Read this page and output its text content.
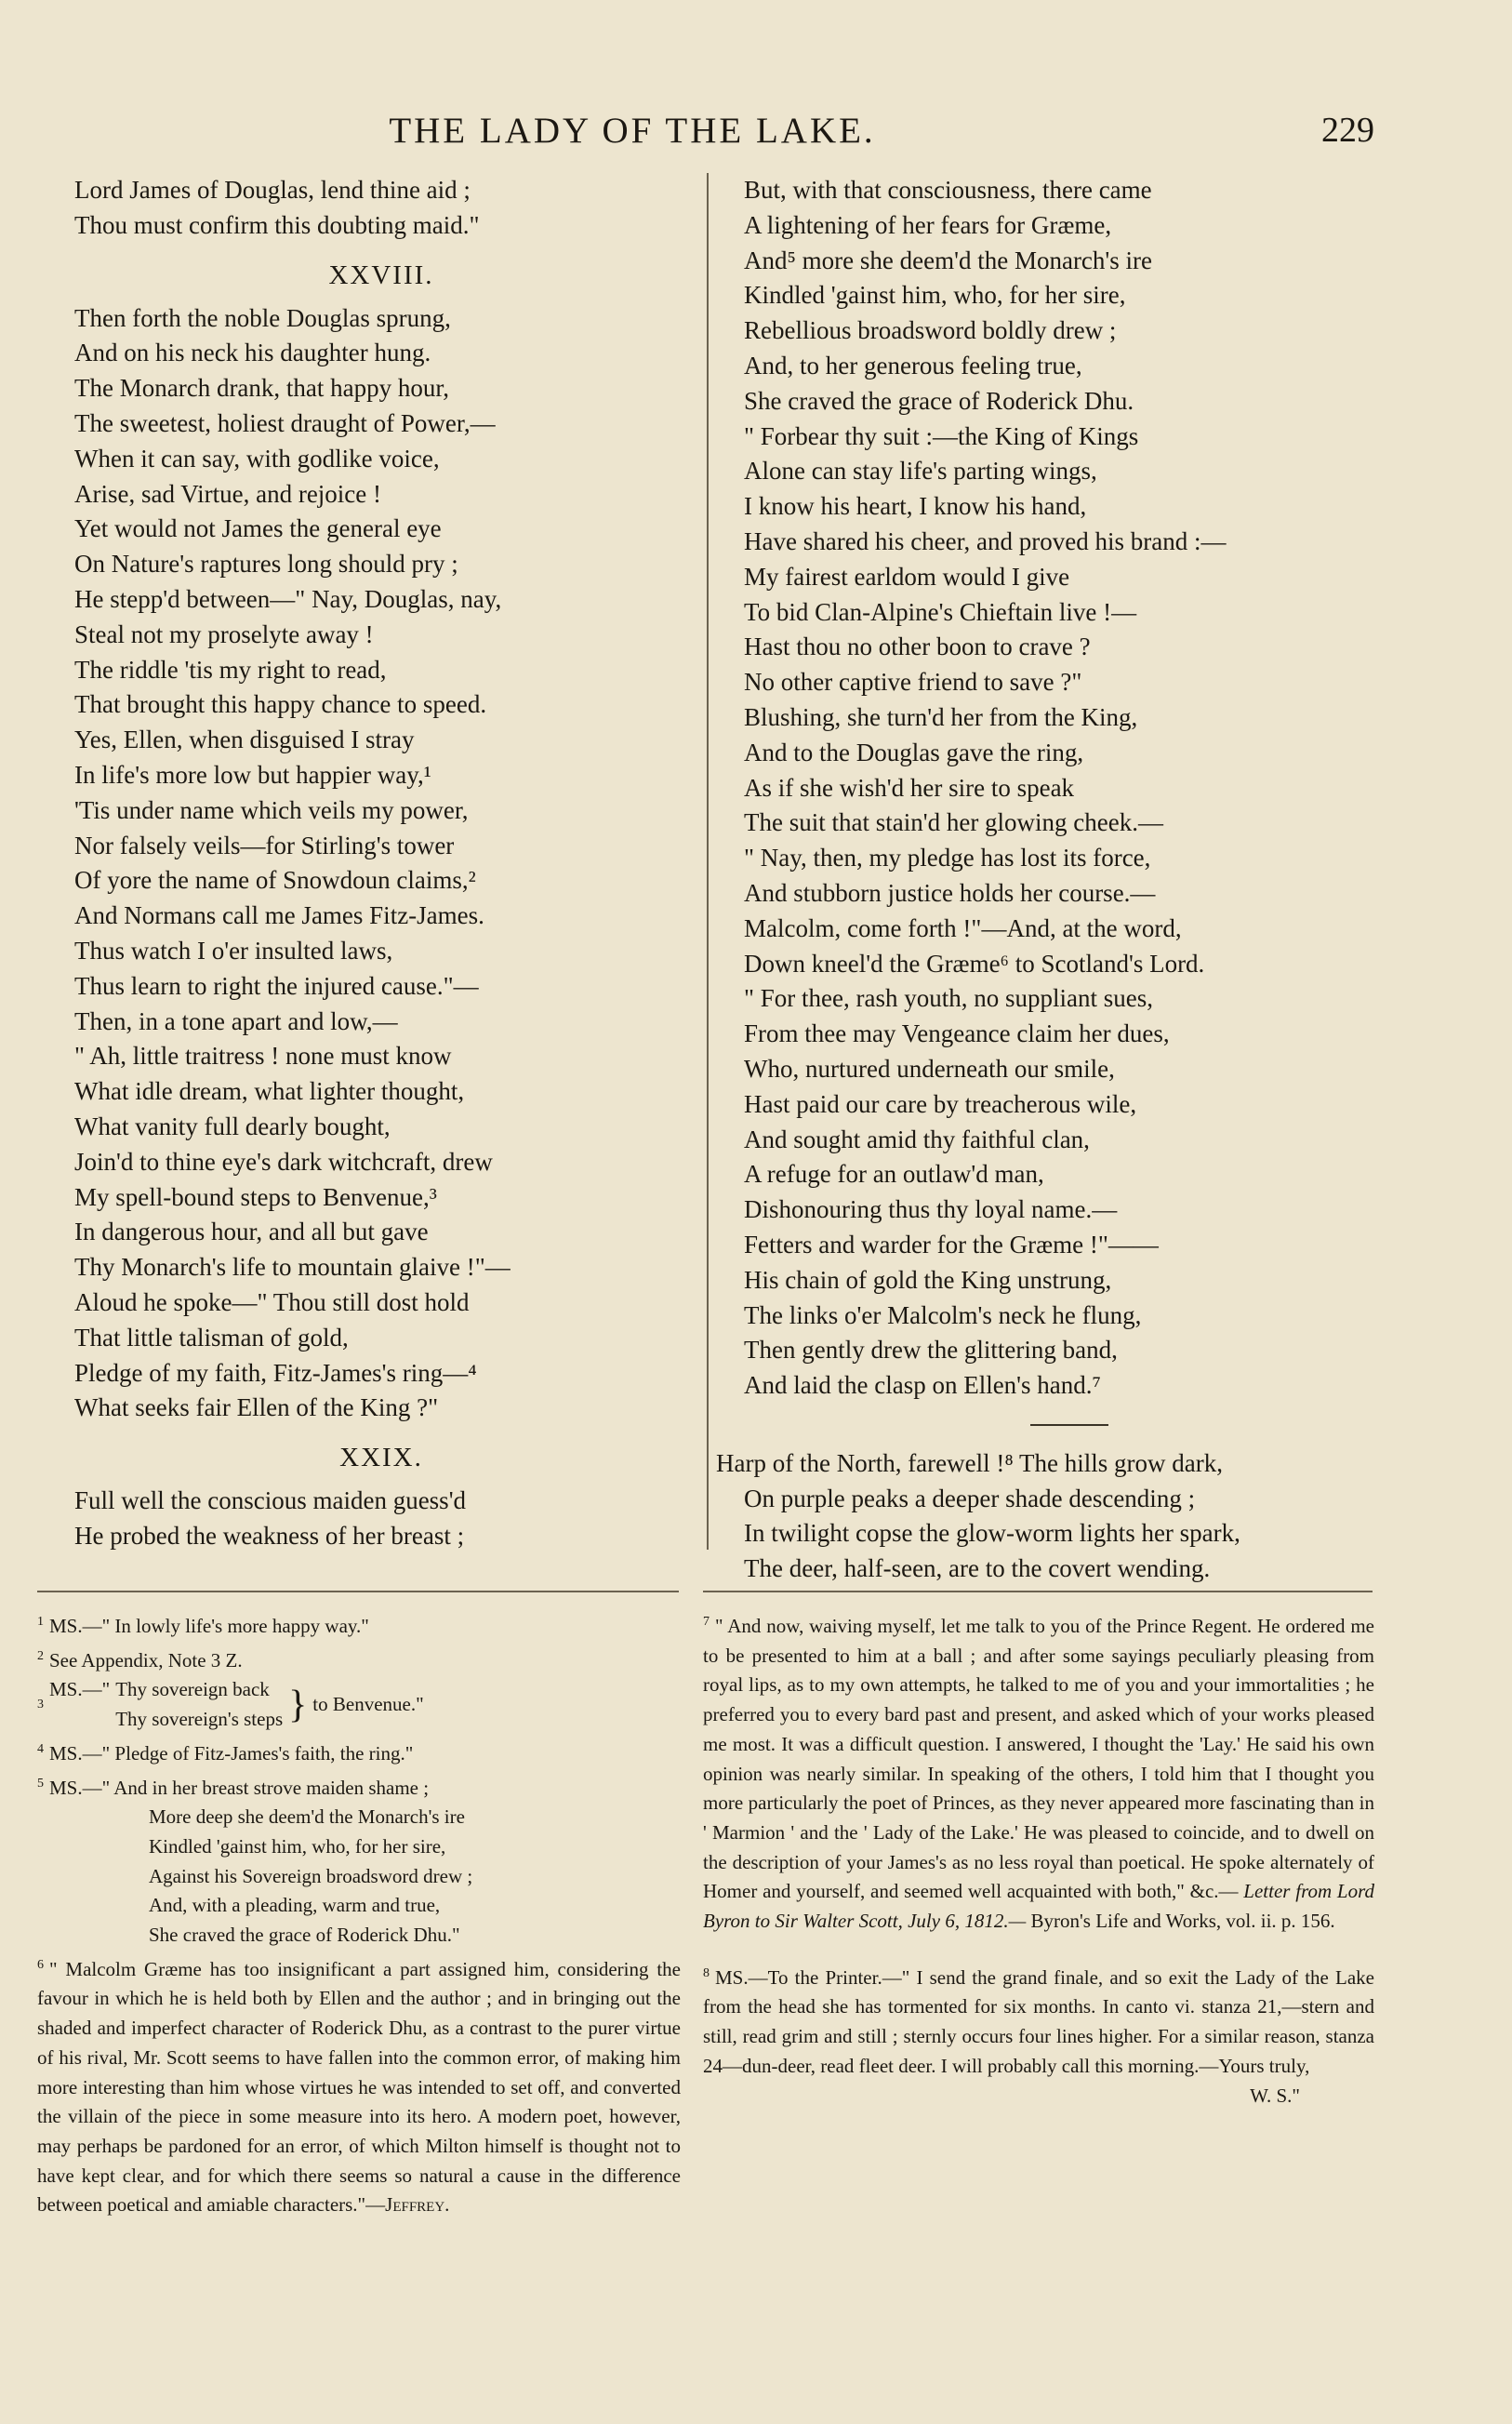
THE LADY OF THE LAKE.	229
Lord James of Douglas, lend thine aid ;
Thou must confirm this doubting maid."
XXVIII.
Then forth the noble Douglas sprung,
And on his neck his daughter hung.
The Monarch drank, that happy hour,
The sweetest, holiest draught of Power,—
When it can say, with godlike voice,
Arise, sad Virtue, and rejoice !
Yet would not James the general eye
On Nature's raptures long should pry ;
He stepp'd between—" Nay, Douglas, nay,
Steal not my proselyte away !
The riddle 'tis my right to read,
That brought this happy chance to speed.
Yes, Ellen, when disguised I stray
In life's more low but happier way,¹
'Tis under name which veils my power,
Nor falsely veils—for Stirling's tower
Of yore the name of Snowdoun claims,²
And Normans call me James Fitz-James.
Thus watch I o'er insulted laws,
Thus learn to right the injured cause."—
Then, in a tone apart and low,—
" Ah, little traitress ! none must know
What idle dream, what lighter thought,
What vanity full dearly bought,
Join'd to thine eye's dark witchcraft, drew
My spell-bound steps to Benvenue,³
In dangerous hour, and all but gave
Thy Monarch's life to mountain glaive !"—
Aloud he spoke—" Thou still dost hold
That little talisman of gold,
Pledge of my faith, Fitz-James's ring—⁴
What seeks fair Ellen of the King ?"
XXIX.
Full well the conscious maiden guess'd
He probed the weakness of her breast ;
But, with that consciousness, there came
A lightening of her fears for Græme,
And⁵ more she deem'd the Monarch's ire
Kindled 'gainst him, who, for her sire,
Rebellious broadsword boldly drew ;
And, to her generous feeling true,
She craved the grace of Roderick Dhu.
" Forbear thy suit :—the King of Kings
Alone can stay life's parting wings,
I know his heart, I know his hand,
Have shared his cheer, and proved his brand :—
My fairest earldom would I give
To bid Clan-Alpine's Chieftain live !—
Hast thou no other boon to crave ?
No other captive friend to save ?"
Blushing, she turn'd her from the King,
And to the Douglas gave the ring,
As if she wish'd her sire to speak
The suit that stain'd her glowing cheek.—
" Nay, then, my pledge has lost its force,
And stubborn justice holds her course.—
Malcolm, come forth !"—And, at the word,
Down kneel'd the Græme⁶ to Scotland's Lord.
" For thee, rash youth, no suppliant sues,
From thee may Vengeance claim her dues,
Who, nurtured underneath our smile,
Hast paid our care by treacherous wile,
And sought amid thy faithful clan,
A refuge for an outlaw'd man,
Dishonouring thus thy loyal name.—
Fetters and warder for the Græme !"——
His chain of gold the King unstrung,
The links o'er Malcolm's neck he flung,
Then gently drew the glittering band,
And laid the clasp on Ellen's hand.⁷
Harp of the North, farewell !⁸ The hills grow dark,
On purple peaks a deeper shade descending ;
In twilight copse the glow-worm lights her spark,
The deer, half-seen, are to the covert wending.
$^1$ MS.—" In lowly life's more happy way."
$^2$ See Appendix, Note 3 Z.
3
MS.—" Thy sovereign back
Thy sovereign's steps } to Benvenue."
$^4$ MS.—" Pledge of Fitz-James's faith, the ring."
$^5$ MS.—" And in her breast strove maiden shame ;
More deep she deem'd the Monarch's ire
Kindled 'gainst him, who, for her sire,
Against his Sovereign broadsword drew ;
And, with a pleading, warm and true,
She craved the grace of Roderick Dhu."
$^6$ " Malcolm Græme has too insignificant a part assigned him, considering the favour in which he is held both by Ellen and the author ; and in bringing out the shaded and imperfect character of Roderick Dhu, as a contrast to the purer virtue of his rival, Mr. Scott seems to have fallen into the common error, of making him more interesting than him whose virtues he was intended to set off, and converted the villain of the piece in some measure into its hero. A modern poet, however, may perhaps be pardoned for an error, of which Milton himself is thought not to have kept clear, and for which there seems so natural a cause in the difference between poetical and amiable characters."—Jeffrey.
$^7$ " And now, waiving myself, let me talk to you of the Prince Regent. He ordered me to be presented to him at a ball ; and after some sayings peculiarly pleasing from royal lips, as to my own attempts, he talked to me of you and your immortalities ; he preferred you to every bard past and present, and asked which of your works pleased me most. It was a difficult question. I answered, I thought the 'Lay.' He said his own opinion was nearly similar. In speaking of the others, I told him that I thought you more particularly the poet of Princes, as they never appeared more fascinating than in ' Marmion ' and the ' Lady of the Lake.' He was pleased to coincide, and to dwell on the description of your James's as no less royal than poetical. He spoke alternately of Homer and yourself, and seemed well acquainted with both," &c.— Letter from Lord Byron to Sir Walter Scott, July 6, 1812.— Byron's Life and Works, vol. ii. p. 156.
$^8$ MS.—To the Printer.—" I send the grand finale, and so exit the Lady of the Lake from the head she has tormented for six months. In canto vi. stanza 21,—stern and still, read grim and still ; sternly occurs four lines higher. For a similar reason, stanza 24—dun-deer, read fleet deer. I will probably call this morning.—Yours truly,
W. S."
